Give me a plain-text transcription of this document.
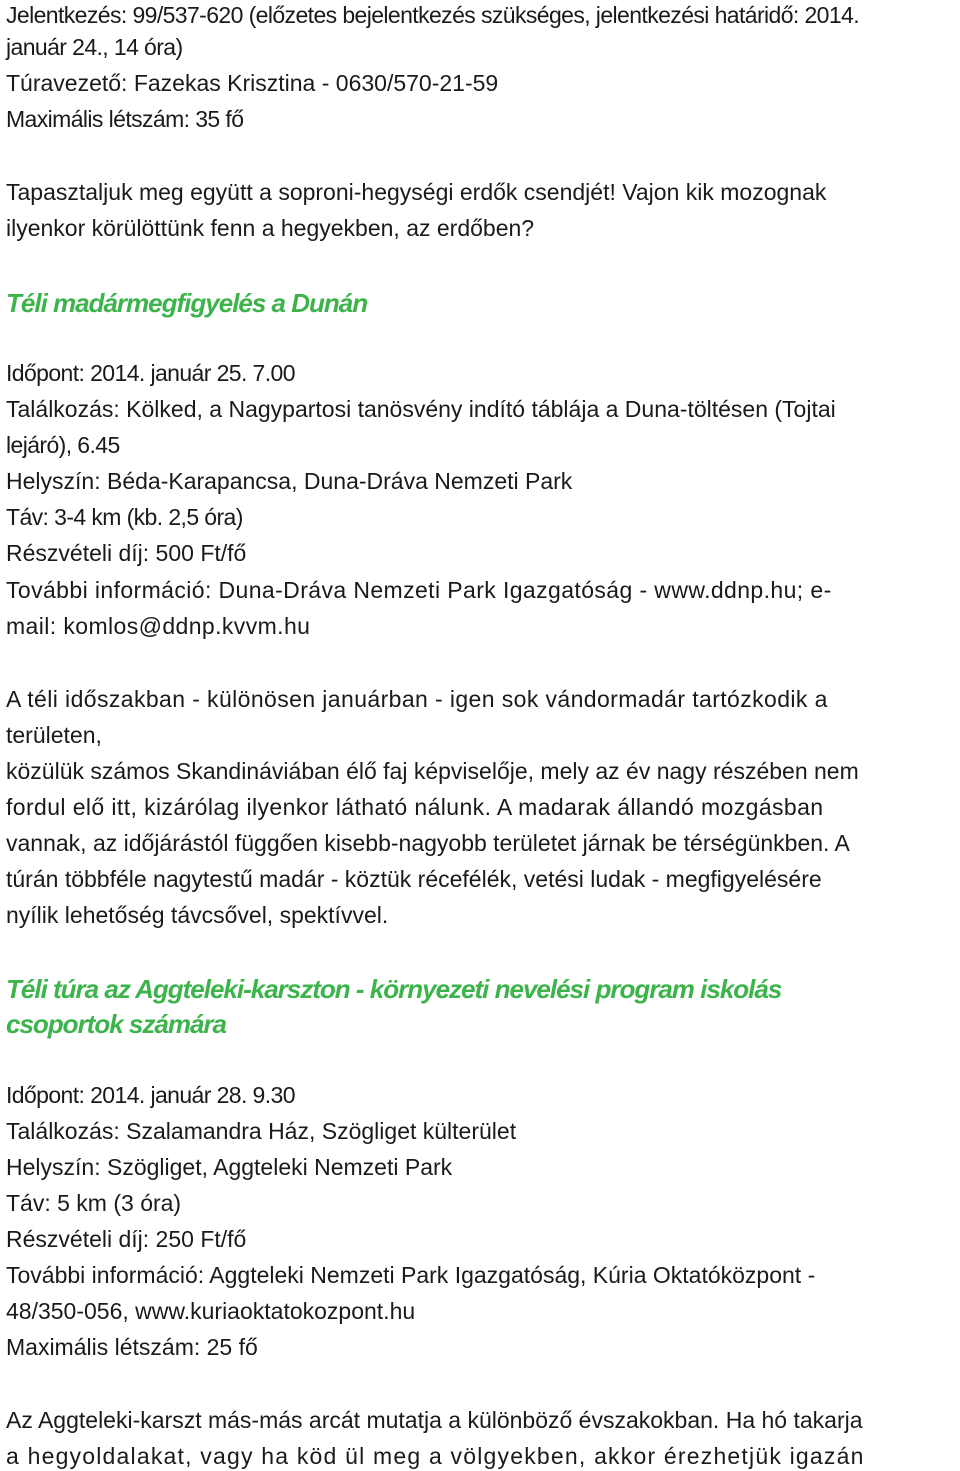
Jelentkezés: 99/537-620 (előzetes bejelentkezés szükséges, jelentkezési határidő: 2014.
január 24., 14 óra)
Túravezető: Fazekas Krisztina - 0630/570-21-59
Maximális létszám: 35 fő
Tapasztaljuk meg együtt a soproni-hegységi erdők csendjét! Vajon kik mozognak
ilyenkor körülöttünk fenn a hegyekben, az erdőben?
Téli madármegfigyelés a Dunán
Időpont: 2014. január 25. 7.00
Találkozás: Kölked, a Nagypartosi tanösvény indító táblája a Duna-töltésen (Tojtai
lejáró), 6.45
Helyszín: Béda-Karapancsa, Duna-Dráva Nemzeti Park
Táv: 3-4 km (kb. 2,5 óra)
Részvételi díj: 500 Ft/fő
További információ: Duna-Dráva Nemzeti Park Igazgatóság - www.ddnp.hu; e-
mail: komlos@ddnp.kvvm.hu
A téli időszakban - különösen januárban - igen sok vándormadár tartózkodik a
területen,
közülük számos Skandináviában élő faj képviselője, mely az év nagy részében nem
fordul elő itt, kizárólag ilyenkor látható nálunk. A madarak állandó mozgásban
vannak, az időjárástól függően kisebb-nagyobb területet járnak be térségünkben. A
túrán többféle nagytestű madár - köztük récefélék, vetési ludak - megfigyelésére
nyílik lehetőség távcsővel, spektívvel.
Téli túra az Aggteleki-karszton - környezeti nevelési program iskolás
csoportok számára
Időpont: 2014. január 28. 9.30
Találkozás: Szalamandra Ház, Szögliget külterület
Helyszín: Szögliget, Aggteleki Nemzeti Park
Táv: 5 km (3 óra)
Részvételi díj: 250 Ft/fő
További információ: Aggteleki Nemzeti Park Igazgatóság, Kúria Oktatóközpont -
48/350-056, www.kuriaoktatokozpont.hu
Maximális létszám: 25 fő
Az Aggteleki-karszt más-más arcát mutatja a különböző évszakokban. Ha hó takarja
a hegyoldalakat, vagy ha köd ül meg a völgyekben, akkor érezhetjük igazán
